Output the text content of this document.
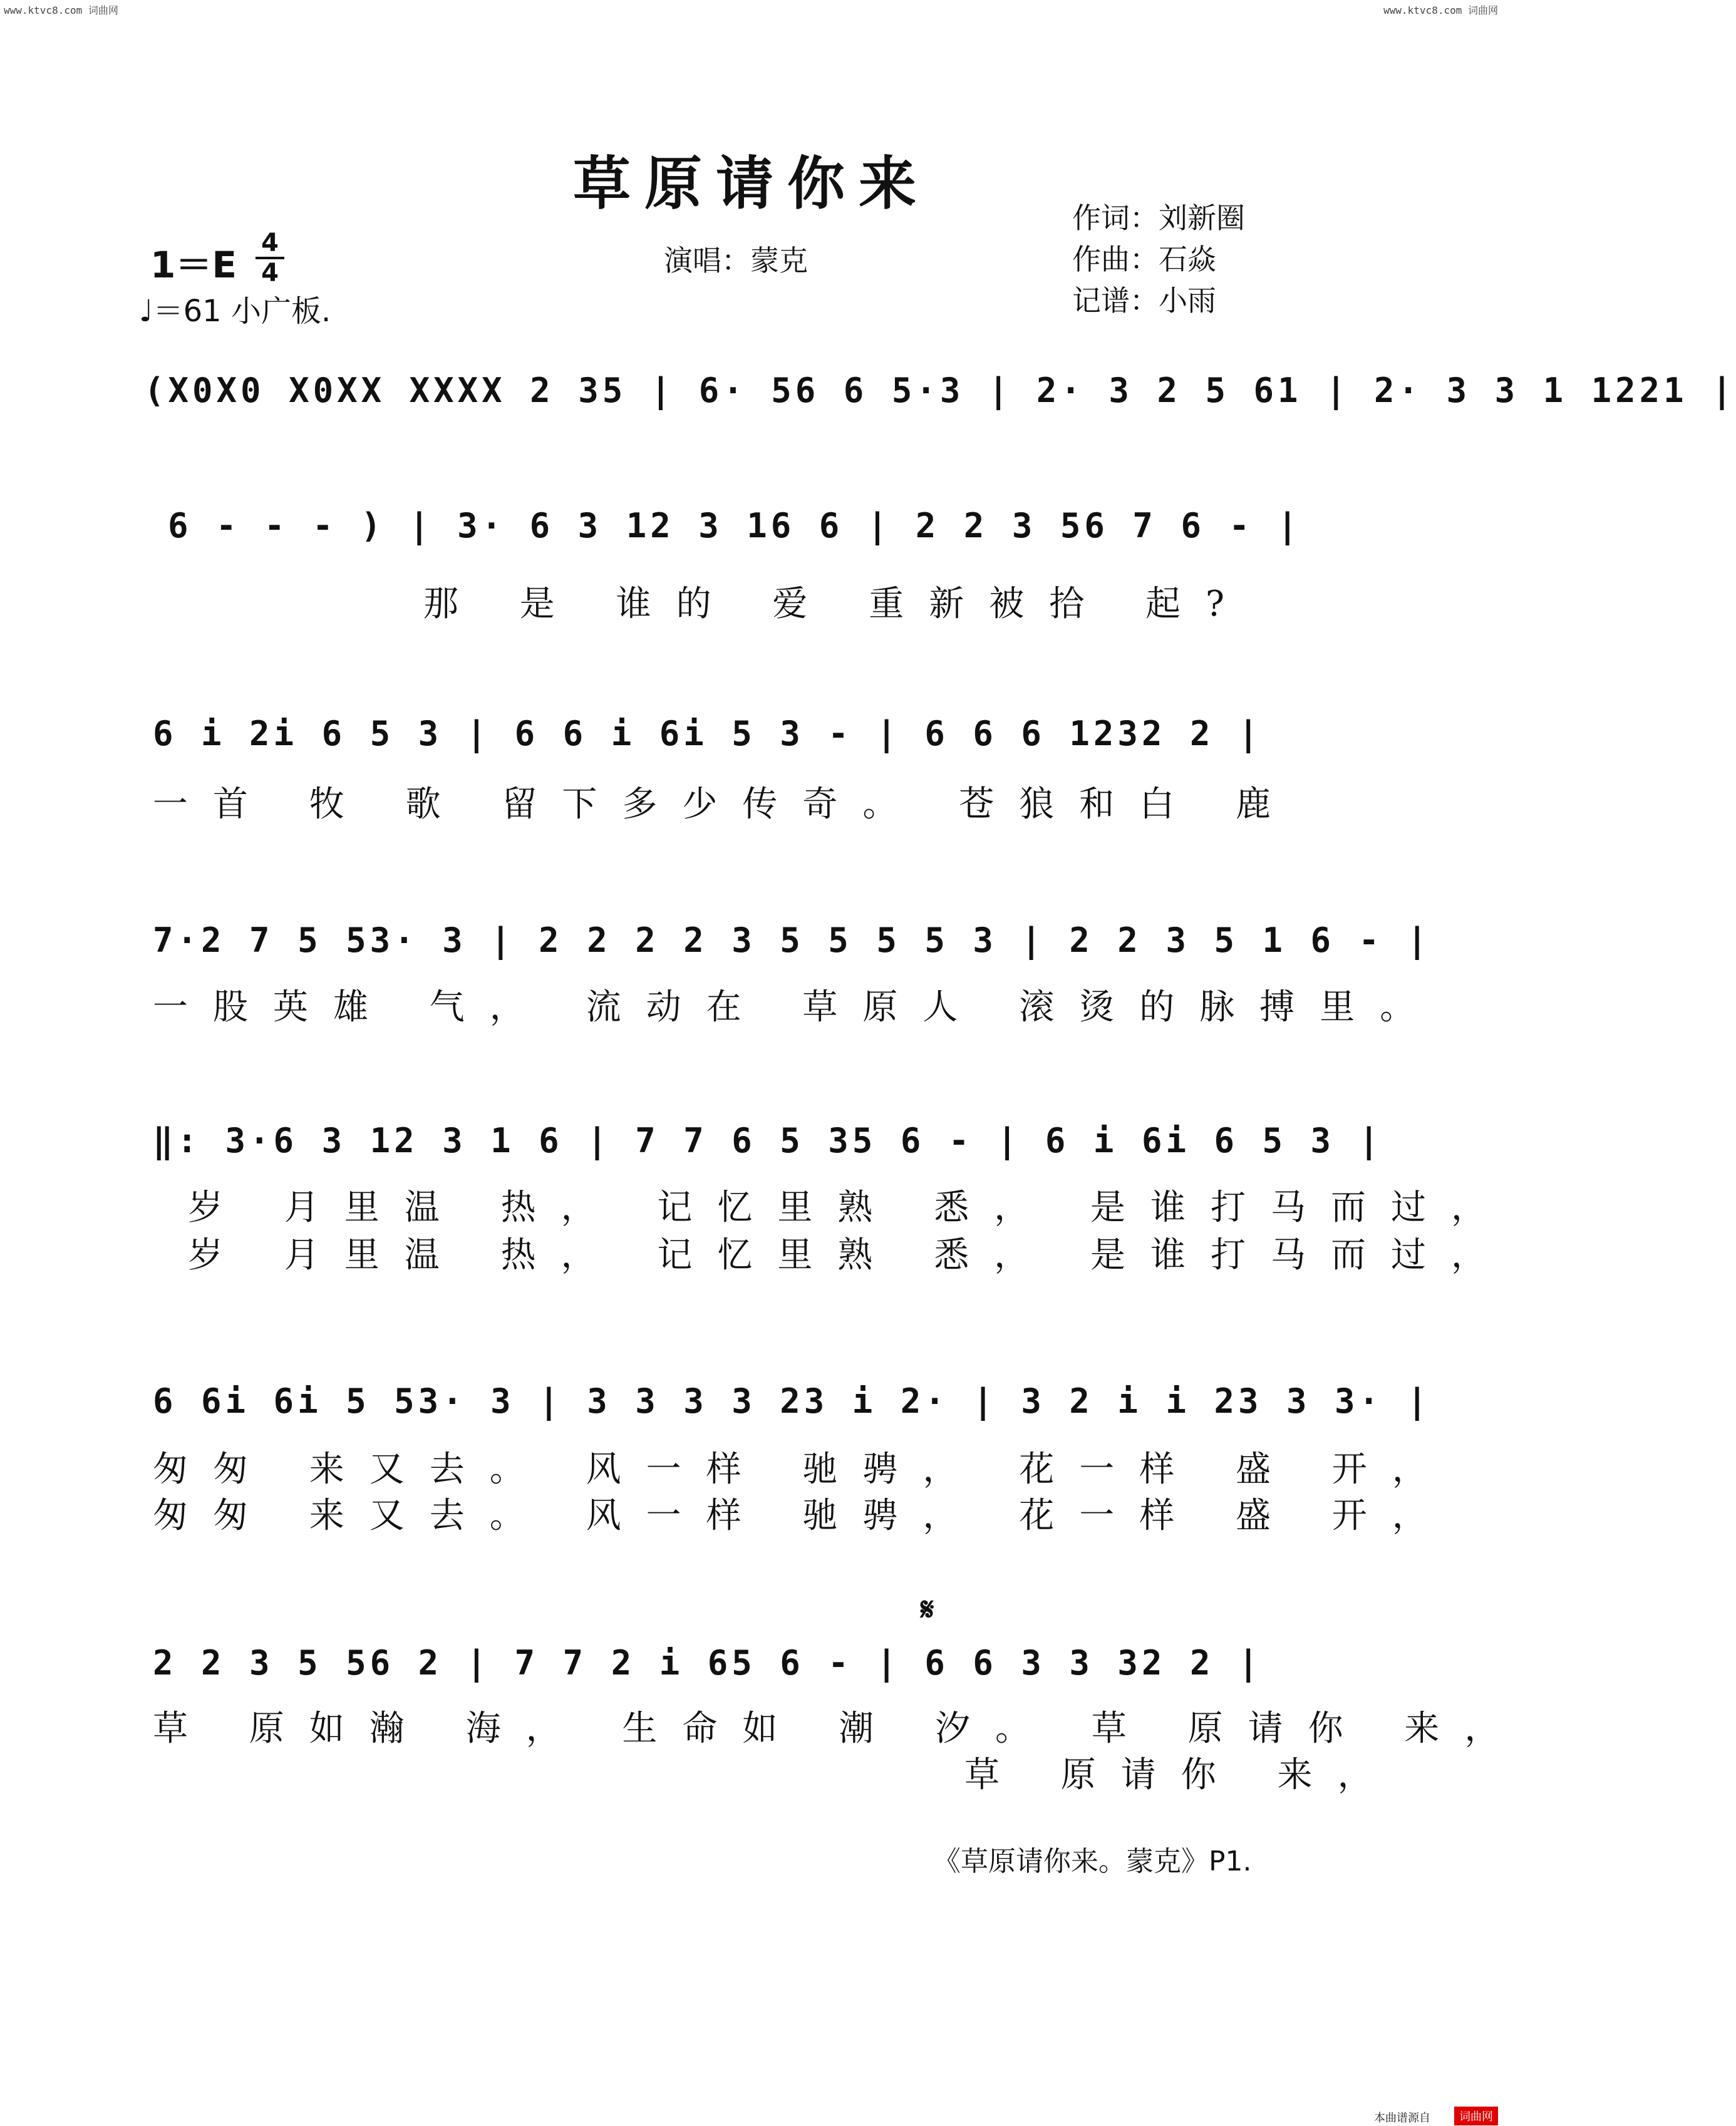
www.ktvc8.com 词曲网	www.ktvc8.com 词曲网
草原请你来
作词：刘新圈
作曲：石焱
记谱：小雨
演唱：蒙克
1＝E
4
4
♩＝61 小广板.
(X0X0 X0XX XXXX 2 35 | 6· 56 6 5·3 | 2· 3 2 5 61 | 2· 3 3 1 1221 |
6 - - - ) | 3· 6 3 12 3 16 6 | 2 2 3 56 7 6 - |
那 是 谁的 爱 重新被拾 起?
6 i 2i 6 5 3 | 6 6 i 6i 5 3 - | 6 6 6 1232 2 |
一首 牧 歌 留下多少传奇。 苍狼和白 鹿
7·2 7 5 53· 3 | 2 2 2 2 3 5 5 5 5 3 | 2 2 3 5 1 6 - |
一股英雄 气， 流动在 草原人 滚烫的脉搏里。
‖: 3·6 3 12 3 1 6 | 7 7 6 5 35 6 - | 6 i 6i 6 5 3 |
岁 月里温 热， 记忆里熟 悉， 是谁打马而过，
岁 月里温 热， 记忆里熟 悉， 是谁打马而过，
6 6i 6i 5 53· 3 | 3 3 3 3 23 i 2· | 3 2 i i 23 3 3· |
匆匆 来又去。 风一样 驰骋， 花一样 盛 开，
匆匆 来又去。 风一样 驰骋， 花一样 盛 开，
𝄋
2 2 3 5 56 2 | 7 7 2 i 65 6 - | 6 6 3 3 32 2 |
草 原如瀚 海， 生命如 潮 汐。 草 原请你 来，
草 原请你 来，
《草原请你来。蒙克》P1.
本曲谱源自	词曲网
